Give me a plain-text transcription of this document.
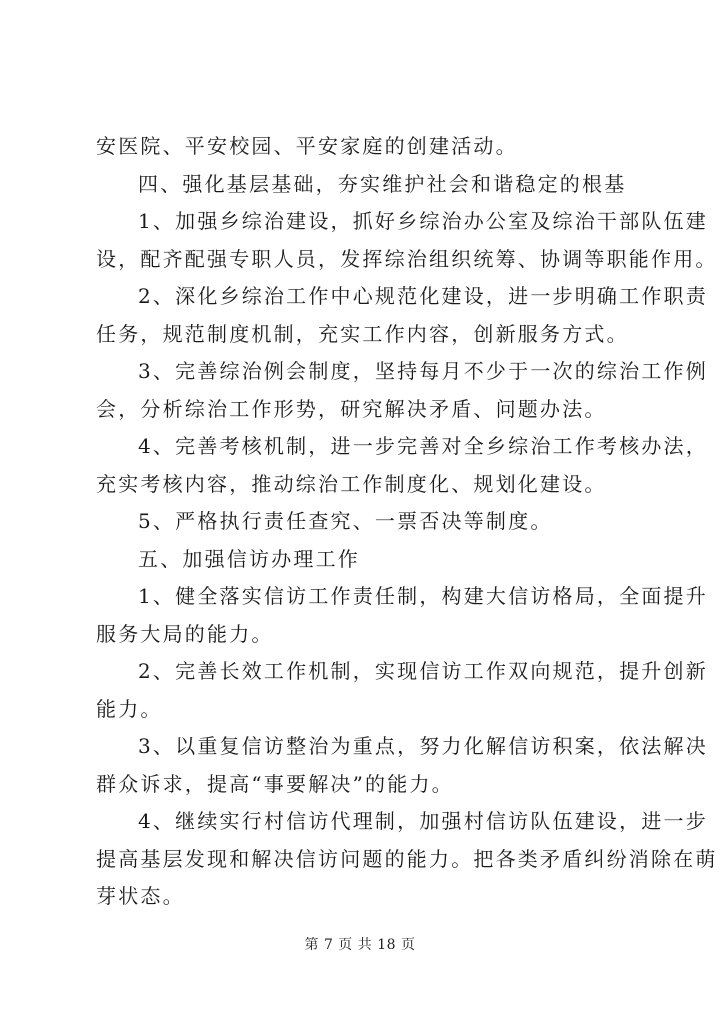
安医院、平安校园、平安家庭的创建活动。
四、强化基层基础，夯实维护社会和谐稳定的根基
1、加强乡综治建设，抓好乡综治办公室及综治干部队伍建
设，配齐配强专职人员，发挥综治组织统筹、协调等职能作用。
2、深化乡综治工作中心规范化建设，进一步明确工作职责
任务，规范制度机制，充实工作内容，创新服务方式。
3、完善综治例会制度，坚持每月不少于一次的综治工作例
会，分析综治工作形势，研究解决矛盾、问题办法。
4、完善考核机制，进一步完善对全乡综治工作考核办法，
充实考核内容，推动综治工作制度化、规划化建设。
5、严格执行责任查究、一票否决等制度。
五、加强信访办理工作
1、健全落实信访工作责任制，构建大信访格局，全面提升
服务大局的能力。
2、完善长效工作机制，实现信访工作双向规范，提升创新
能力。
3、以重复信访整治为重点，努力化解信访积案，依法解决
群众诉求，提高“事要解决”的能力。
4、继续实行村信访代理制，加强村信访队伍建设，进一步
提高基层发现和解决信访问题的能力。把各类矛盾纠纷消除在萌
芽状态。
第 7 页 共 18 页
